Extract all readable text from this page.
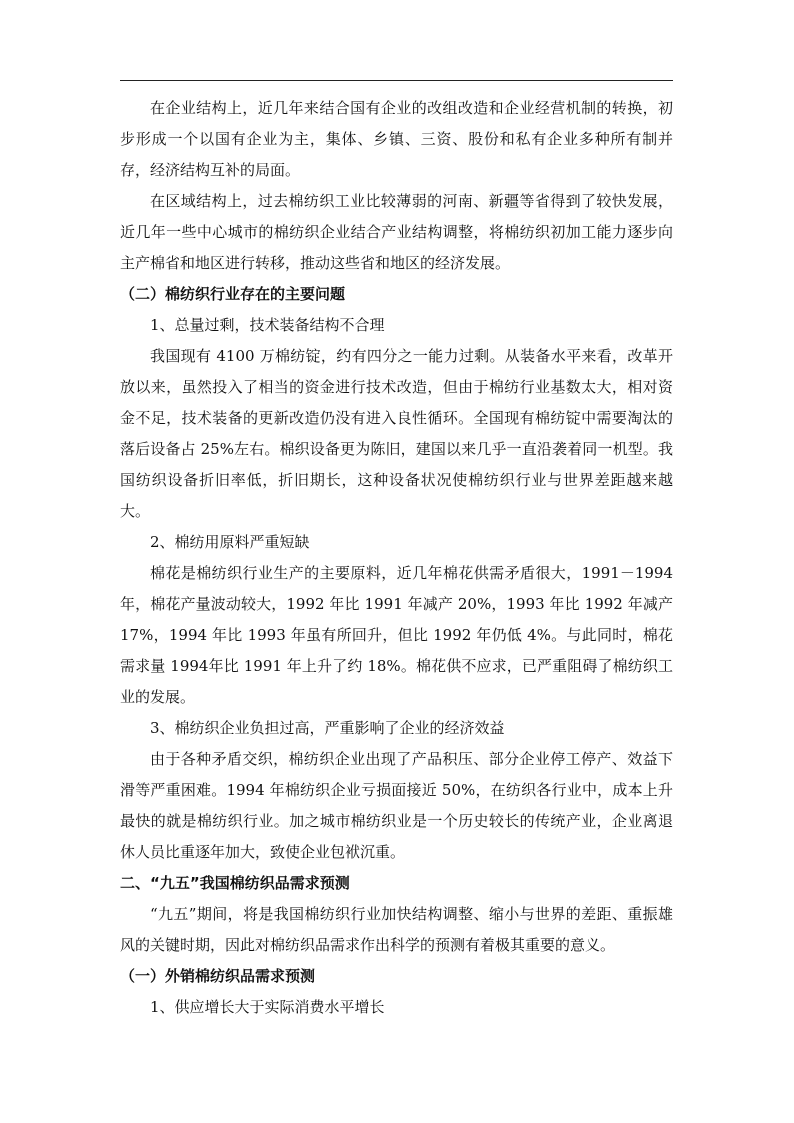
在企业结构上，近几年来结合国有企业的改组改造和企业经营机制的转换，初步形成一个以国有企业为主，集体、乡镇、三资、股份和私有企业多种所有制并存，经济结构互补的局面。

在区域结构上，过去棉纺织工业比较薄弱的河南、新疆等省得到了较快发展，近几年一些中心城市的棉纺织企业结合产业结构调整，将棉纺织初加工能力逐步向主产棉省和地区进行转移，推动这些省和地区的经济发展。

（二）棉纺织行业存在的主要问题

1、总量过剩，技术装备结构不合理

我国现有 4100 万棉纺锭，约有四分之一能力过剩。从装备水平来看，改革开放以来，虽然投入了相当的资金进行技术改造，但由于棉纺行业基数太大，相对资金不足，技术装备的更新改造仍没有进入良性循环。全国现有棉纺锭中需要淘汰的落后设备占 25%左右。棉织设备更为陈旧，建国以来几乎一直沿袭着同一机型。我国纺织设备折旧率低，折旧期长，这种设备状况使棉纺织行业与世界差距越来越大。

2、棉纺用原料严重短缺

棉花是棉纺织行业生产的主要原料，近几年棉花供需矛盾很大，1991－1994年，棉花产量波动较大，1992 年比 1991 年减产 20%，1993 年比 1992 年减产 17%，1994 年比 1993 年虽有所回升，但比 1992 年仍低 4%。与此同时，棉花需求量 1994年比 1991 年上升了约 18%。棉花供不应求，已严重阻碍了棉纺织工业的发展。

3、棉纺织企业负担过高，严重影响了企业的经济效益

由于各种矛盾交织，棉纺织企业出现了产品积压、部分企业停工停产、效益下滑等严重困难。1994 年棉纺织企业亏损面接近 50%，在纺织各行业中，成本上升最快的就是棉纺织行业。加之城市棉纺织业是一个历史较长的传统产业，企业离退休人员比重逐年加大，致使企业包袱沉重。

二、“九五”我国棉纺织品需求预测

“九五”期间，将是我国棉纺织行业加快结构调整、缩小与世界的差距、重振雄风的关键时期，因此对棉纺织品需求作出科学的预测有着极其重要的意义。

（一）外销棉纺织品需求预测

1、供应增长大于实际消费水平增长
